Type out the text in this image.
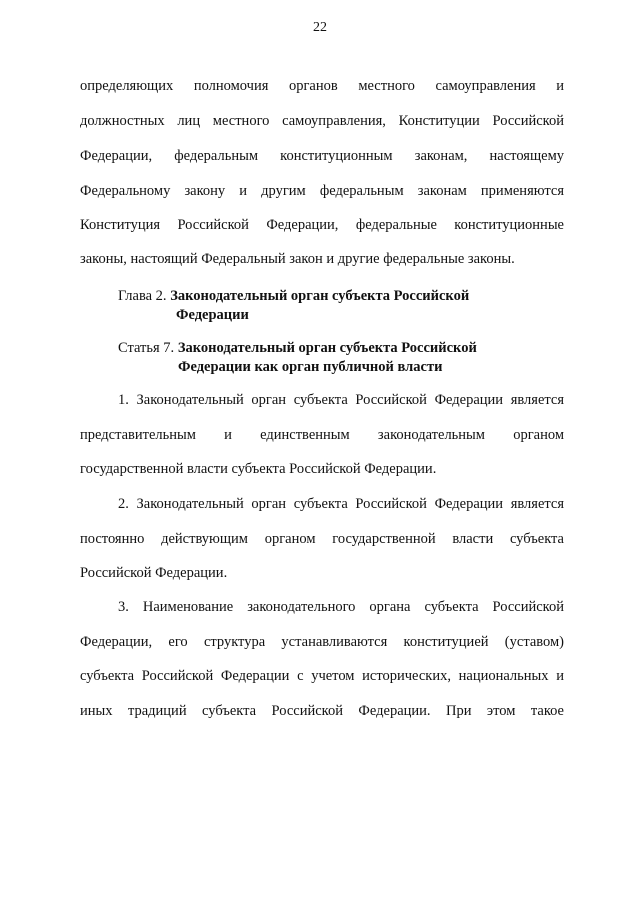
22
определяющих полномочия органов местного самоуправления и
должностных лиц местного самоуправления, Конституции Российской
Федерации, федеральным конституционным законам, настоящему
Федеральному закону и другим федеральным законам применяются
Конституция Российской Федерации, федеральные конституционные
законы, настоящий Федеральный закон и другие федеральные законы.
Глава 2. Законодательный орган субъекта Российской
Федерации
Статья 7. Законодательный орган субъекта Российской
Федерации как орган публичной власти
1. Законодательный орган субъекта Российской Федерации является
представительным и единственным законодательным органом
государственной власти субъекта Российской Федерации.
2. Законодательный орган субъекта Российской Федерации является
постоянно действующим органом государственной власти субъекта
Российской Федерации.
3. Наименование законодательного органа субъекта Российской
Федерации, его структура устанавливаются конституцией (уставом)
субъекта Российской Федерации с учетом исторических, национальных и
иных традиций субъекта Российской Федерации. При этом такое
